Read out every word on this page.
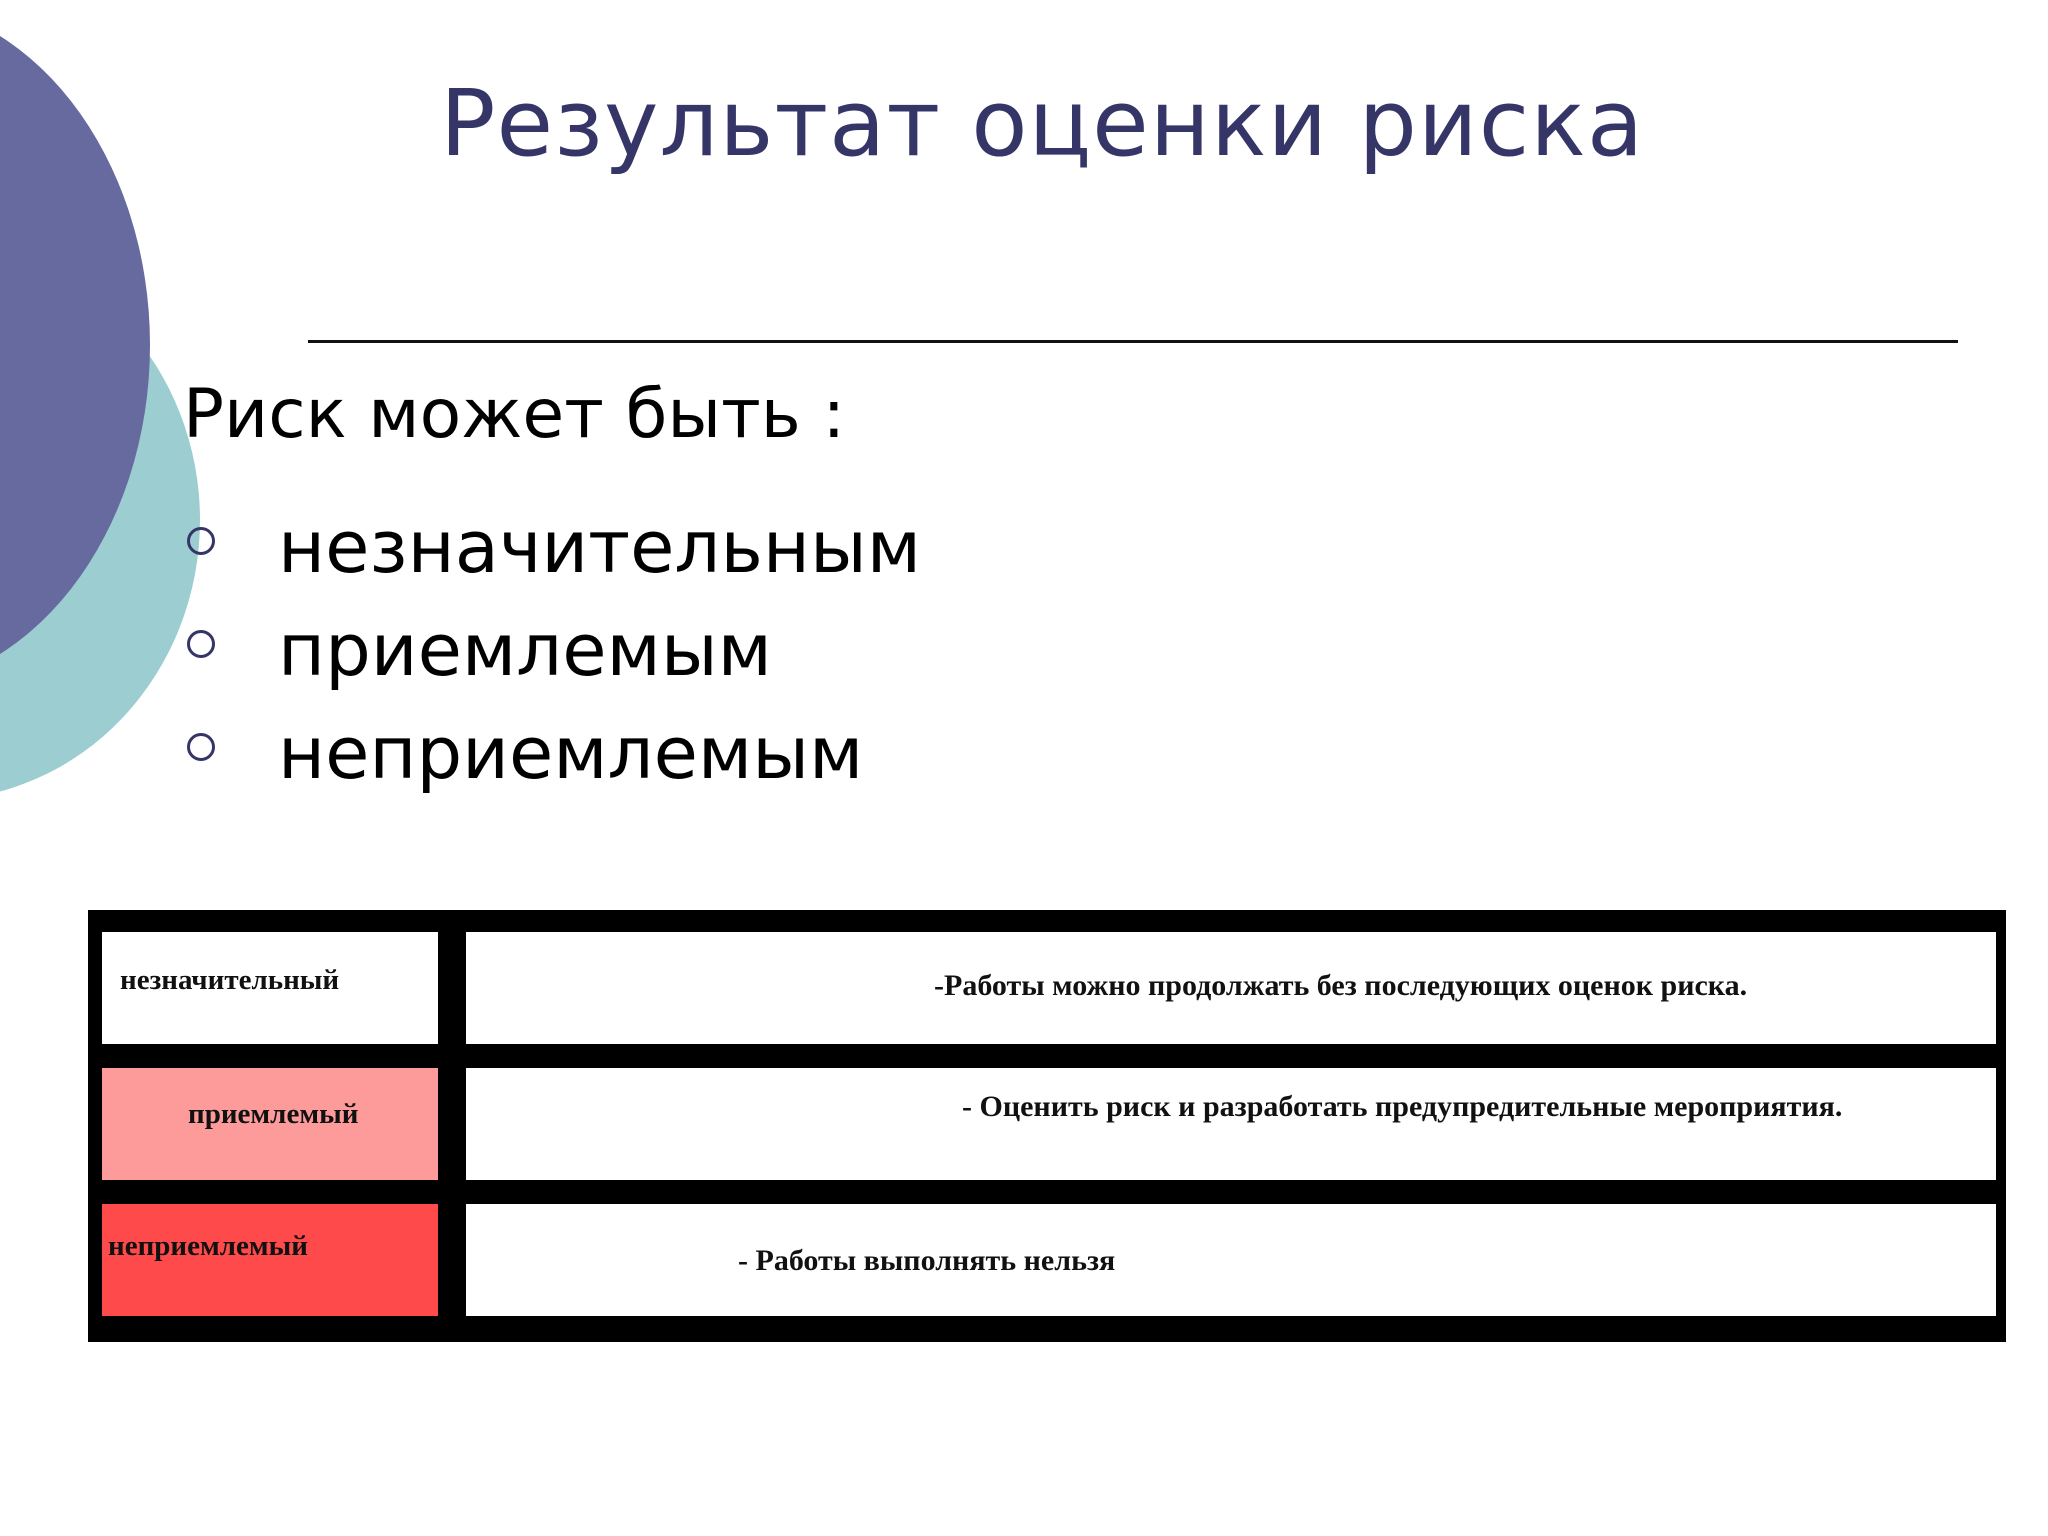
Результат оценки риска
Риск может быть :
незначительным
приемлемым
неприемлемым
незначительный	-Работы можно продолжать без последующих оценок риска.
приемлемый	- Оценить риск и разработать предупредительные мероприятия.
неприемлемый	- Работы выполнять нельзя
